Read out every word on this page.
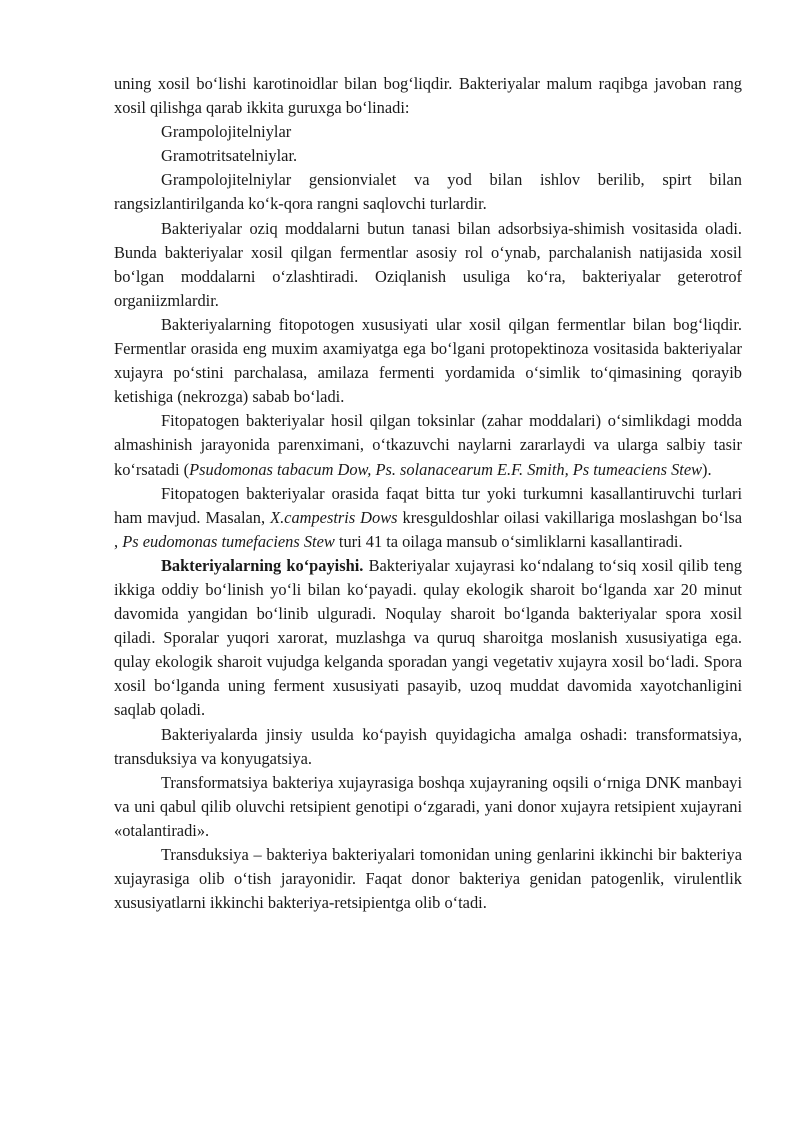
uning xosil bo‘lishi karotinoidlar bilan bog‘liqdir. Bakteriyalar malum raqibga javoban rang xosil qilishga qarab ikkita guruxga bo‘linadi:

Grampolojitelniylar

Gramotritsatelniylar.

Grampolojitelniylar gensionvialet va yod bilan ishlov berilib, spirt bilan rangsizlantirilganda ko‘k-qora rangni saqlovchi turlardir.

Bakteriyalar oziq moddalarni butun tanasi bilan adsorbsiya-shimish vositasida oladi. Bunda bakteriyalar xosil qilgan fermentlar asosiy rol o‘ynab, parchalanish natijasida xosil bo‘lgan moddalarni o‘zlashtiradi. Oziqlanish usuliga ko‘ra, bakteriyalar geterotrof organiizmlardir.

Bakteriyalarning fitopotogen xususiyati ular xosil qilgan fermentlar bilan bog‘liqdir. Fermentlar orasida eng muxim axamiyatga ega bo‘lgani protopektinoza vositasida bakteriyalar xujayra po‘stini parchalasa, amilaza fermenti yordamida o‘simlik to‘qimasining qorayib ketishiga (nekrozga) sabab bo‘ladi.

Fitopatogen bakteriyalar hosil qilgan toksinlar (zahar moddalari) o‘simlikdagi modda almashinish jarayonida parenximani, o‘tkazuvchi naylarni zararlaydi va ularga salbiy tasir ko‘rsatadi (Psudomonas tabacum Dow, Ps. solanacearum E.F. Smith, Ps tumeaciens Stew).

Fitopatogen bakteriyalar orasida faqat bitta tur yoki turkumni kasallantiruvchi turlari ham mavjud. Masalan, X.campestris Dows kresguldoshlar oilasi vakillariga moslashgan bo‘lsa , Ps eudomonas tumefaciens Stew turi 41 ta oilaga mansub o‘simliklarni kasallantiradi.

Bakteriyalarning ko‘payishi. Bakteriyalar xujayrasi ko‘ndalang to‘siq xosil qilib teng ikkiga oddiy bo‘linish yo‘li bilan ko‘payadi. qulay ekologik sharoit bo‘lganda xar 20 minut davomida yangidan bo‘linib ulguradi. Noqulay sharoit bo‘lganda bakteriyalar spora xosil qiladi. Sporalar yuqori xarorat, muzlashga va quruq sharoitga moslanish xususiyatiga ega. qulay ekologik sharoit vujudga kelganda sporadan yangi vegetativ xujayra xosil bo‘ladi. Spora xosil bo‘lganda uning ferment xususiyati pasayib, uzoq muddat davomida xayotchanligini saqlab qoladi.

Bakteriyalarda jinsiy usulda ko‘payish quyidagicha amalga oshadi: transformatsiya, transduksiya va konyugatsiya.

Transformatsiya bakteriya xujayrasiga boshqa xujayraning oqsili o‘rniga DNK manbayi va uni qabul qilib oluvchi retsipient genotipi o‘zgaradi, yani donor xujayra retsipient xujayrani «otalantiradi».

Transduksiya – bakteriya bakteriyalari tomonidan uning genlarini ikkinchi bir bakteriya xujayrasiga olib o‘tish jarayonidir. Faqat donor bakteriya genidan patogenlik, virulentlik xususiyatlarni ikkinchi bakteriya-retsipientga olib o‘tadi.
